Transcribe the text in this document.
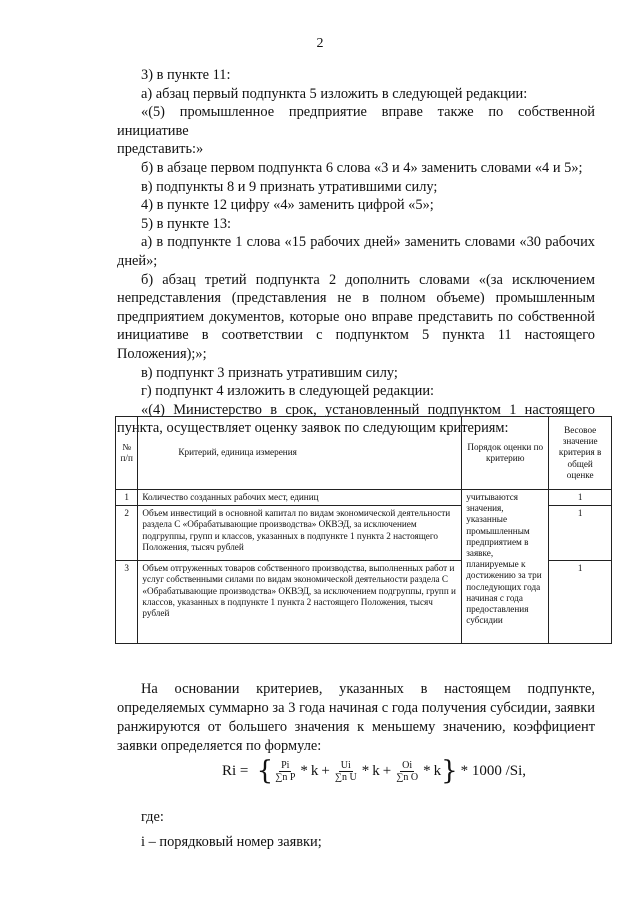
2

3) в пункте 11:

а) абзац первый подпункта 5 изложить в следующей редакции:

«(5) промышленное предприятие вправе также по собственной инициативе

представить:»

б) в абзаце первом подпункта 6 слова «3 и 4» заменить словами «4 и 5»;

в) подпункты 8 и 9 признать утратившими силу;

4) в пункте 12 цифру «4» заменить цифрой «5»;

5) в пункте 13:

а) в подпункте 1 слова «15 рабочих дней» заменить словами «30 рабочих

дней»;

б) абзац третий подпункта 2 дополнить словами «(за исключением

непредставления (представления не в полном объеме) промышленным

предприятием документов, которые оно вправе представить по собственной

инициативе в соответствии с подпунктом 5 пункта 11 настоящего

Положения);»;

в) подпункт 3 признать утратившим силу;

г) подпункт 4 изложить в следующей редакции:

«(4) Министерство в срок, установленный подпунктом 1 настоящего

пункта, осуществляет оценку заявок по следующим критериям:

№ п/п	Критерий, единица измерения	Порядок оценки по критерию	Весовое значение критерия в общей оценке
1	Количество созданных рабочих мест, единиц	учитываются значения, указанные промышленным предприятием в заявке, планируемые к достижению за три последующих года начиная с года предоставления субсидии	1
2	Объем инвестиций в основной капитал по видам экономической деятельности раздела С «Обрабатывающие производства» ОКВЭД, за исключением подгруппы, групп и классов, указанных в подпункте 1 пункта 2 настоящего Положения, тысяч рублей		1
3	Объем отгруженных товаров собственного производства, выполненных работ и услуг собственными силами по видам экономической деятельности раздела С «Обрабатывающие производства» ОКВЭД, за исключением подгруппы, групп и классов, указанных в подпункте 1 пункта 2 настоящего Положения, тысяч рублей		1

На основании критериев, указанных в настоящем подпункте,

определяемых суммарно за 3 года начиная с года получения субсидии, заявки

ранжируются от большего значения к меньшему значению, коэффициент

заявки определяется по формуле:

Ri = { $\frac{Pi}{\text{∑n P}} * k + \frac{Ui}{\text{∑n U}} * k + \frac{Oi}{\text{∑n O}} * k$ } * 1000 /Si,

где:

i – порядковый номер заявки;
